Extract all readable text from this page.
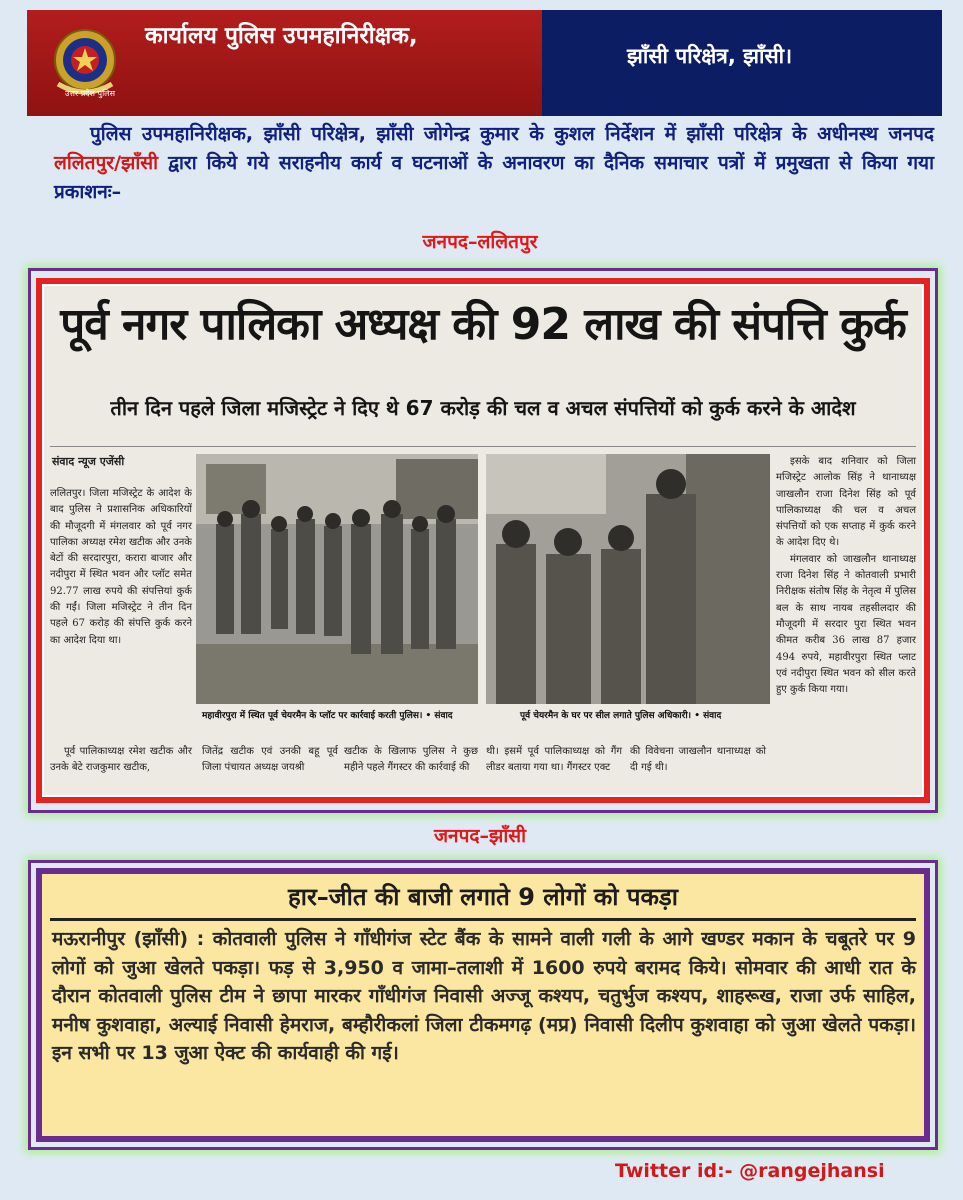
उत्तर प्रदेश पुलिस
कार्यालय पुलिस उपमहानिरीक्षक,
झाँसी परिक्षेत्र, झाँसी।
पुलिस उपमहानिरीक्षक, झाँसी परिक्षेत्र, झाँसी जोगेन्द्र कुमार के कुशल निर्देशन में झाँसी परिक्षेत्र के अधीनस्थ जनपद ललितपुर/झाँसी द्वारा किये गये सराहनीय कार्य व घटनाओं के अनावरण का दैनिक समाचार पत्रों में प्रमुखता से किया गया प्रकाशनः–
जनपद–ललितपुर
पूर्व नगर पालिका अध्यक्ष की 92 लाख की संपत्ति कुर्क
तीन दिन पहले जिला मजिस्ट्रेट ने दिए थे 67 करोड़ की चल व अचल संपत्तियों को कुर्क करने के आदेश
संवाद न्यूज एजेंसी
ललितपुर। जिला मजिस्ट्रेट के आदेश के बाद पुलिस ने प्रशासनिक अधिकारियों की मौजूदगी में मंगलवार को पूर्व नगर पालिका अध्यक्ष रमेश खटीक और उनके बेटों की सरदारपुरा, करारा बाजार और नदीपुरा में स्थित भवन और प्लॉट समेत 92.77 लाख रुपये की संपत्तियां कुर्क की गईं। जिला मजिस्ट्रेट ने तीन दिन पहले 67 करोड़ की संपत्ति कुर्क करने का आदेश दिया था।
महावीरपुरा में स्थित पूर्व चेयरमैन के प्लॉट पर कार्रवाई करती पुलिस। • संवाद	पूर्व चेयरमैन के घर पर सील लगाते पुलिस अधिकारी। • संवाद
इसके बाद शनिवार को जिला मजिस्ट्रेट आलोक सिंह ने थानाध्यक्ष जाखलौन राजा दिनेश सिंह को पूर्व पालिकाध्यक्ष की चल व अचल संपत्तियों को एक सप्ताह में कुर्क करने के आदेश दिए थे।
मंगलवार को जाखलौन थानाध्यक्ष राजा दिनेश सिंह ने कोतवाली प्रभारी निरीक्षक संतोष सिंह के नेतृत्व में पुलिस बल के साथ नायब तहसीलदार की मौजूदगी में सरदार पुरा स्थित भवन कीमत करीब 36 लाख 87 हजार 494 रुपये, महावीरपुरा स्थित प्लाट एवं नदीपुरा स्थित भवन को सील करते हुए कुर्क किया गया।
पूर्व पालिकाध्यक्ष रमेश खटीक और उनके बेटे राजकुमार खटीक,
जितेंद्र खटीक एवं उनकी बहू पूर्व जिला पंचायत अध्यक्ष जयश्री
खटीक के खिलाफ पुलिस ने कुछ महीने पहले गैंगस्टर की कार्रवाई की
थी। इसमें पूर्व पालिकाध्यक्ष को गैंग लीडर बताया गया था। गैंगस्टर एक्ट
की विवेचना जाखलौन थानाध्यक्ष को दी गई थी।
जनपद–झाँसी
हार–जीत की बाजी लगाते 9 लोगों को पकड़ा
मऊरानीपुर (झाँसी) : कोतवाली पुलिस ने गाँधीगंज स्टेट बैंक के सामने वाली गली के आगे खण्डर मकान के चबूतरे पर 9 लोगों को जुआ खेलते पकड़ा। फड़ से 3,950 व जामा–तलाशी में 1600 रुपये बरामद किये। सोमवार की आधी रात के दौरान कोतवाली पुलिस टीम ने छापा मारकर गाँधीगंज निवासी अज्जू कश्यप, चतुर्भुज कश्यप, शाहरूख, राजा उर्फ साहिल, मनीष कुशवाहा, अल्याई निवासी हेमराज, बम्हौरीकलां जिला टीकमगढ़ (मप्र) निवासी दिलीप कुशवाहा को जुआ खेलते पकड़ा। इन सभी पर 13 जुआ ऐक्ट की कार्यवाही की गई।
Twitter id:- @rangejhansi
